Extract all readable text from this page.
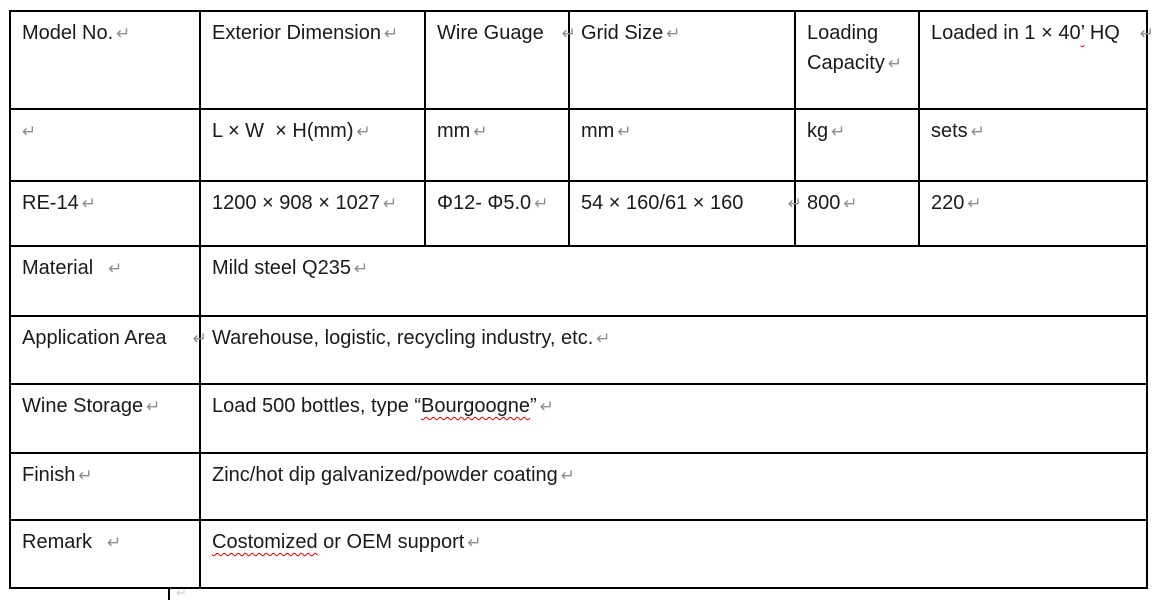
Model No. ↵	Exterior Dimension ↵	Wire Guage ↵	Grid Size ↵	Loading Capacity ↵	Loaded in 1 × 40’ HQ ↵

↵	L × W  × H(mm) ↵	mm ↵	mm ↵	kg ↵	sets ↵
RE-14 ↵	1200 × 908 × 1027 ↵	Φ12- Φ5.0 ↵	54 × 160/61 × 160 ↵	800 ↵	220 ↵
Material ↵	Mild steel Q235 ↵				
Application Area ↵	Warehouse, logistic, recycling industry, etc. ↵				
Wine Storage ↵	Load 500 bottles, type “Bourgoogne” ↵				
Finish ↵	Zinc/hot dip galvanized/powder coating ↵				
Remark ↵	Costomized or OEM support ↵				
↵
